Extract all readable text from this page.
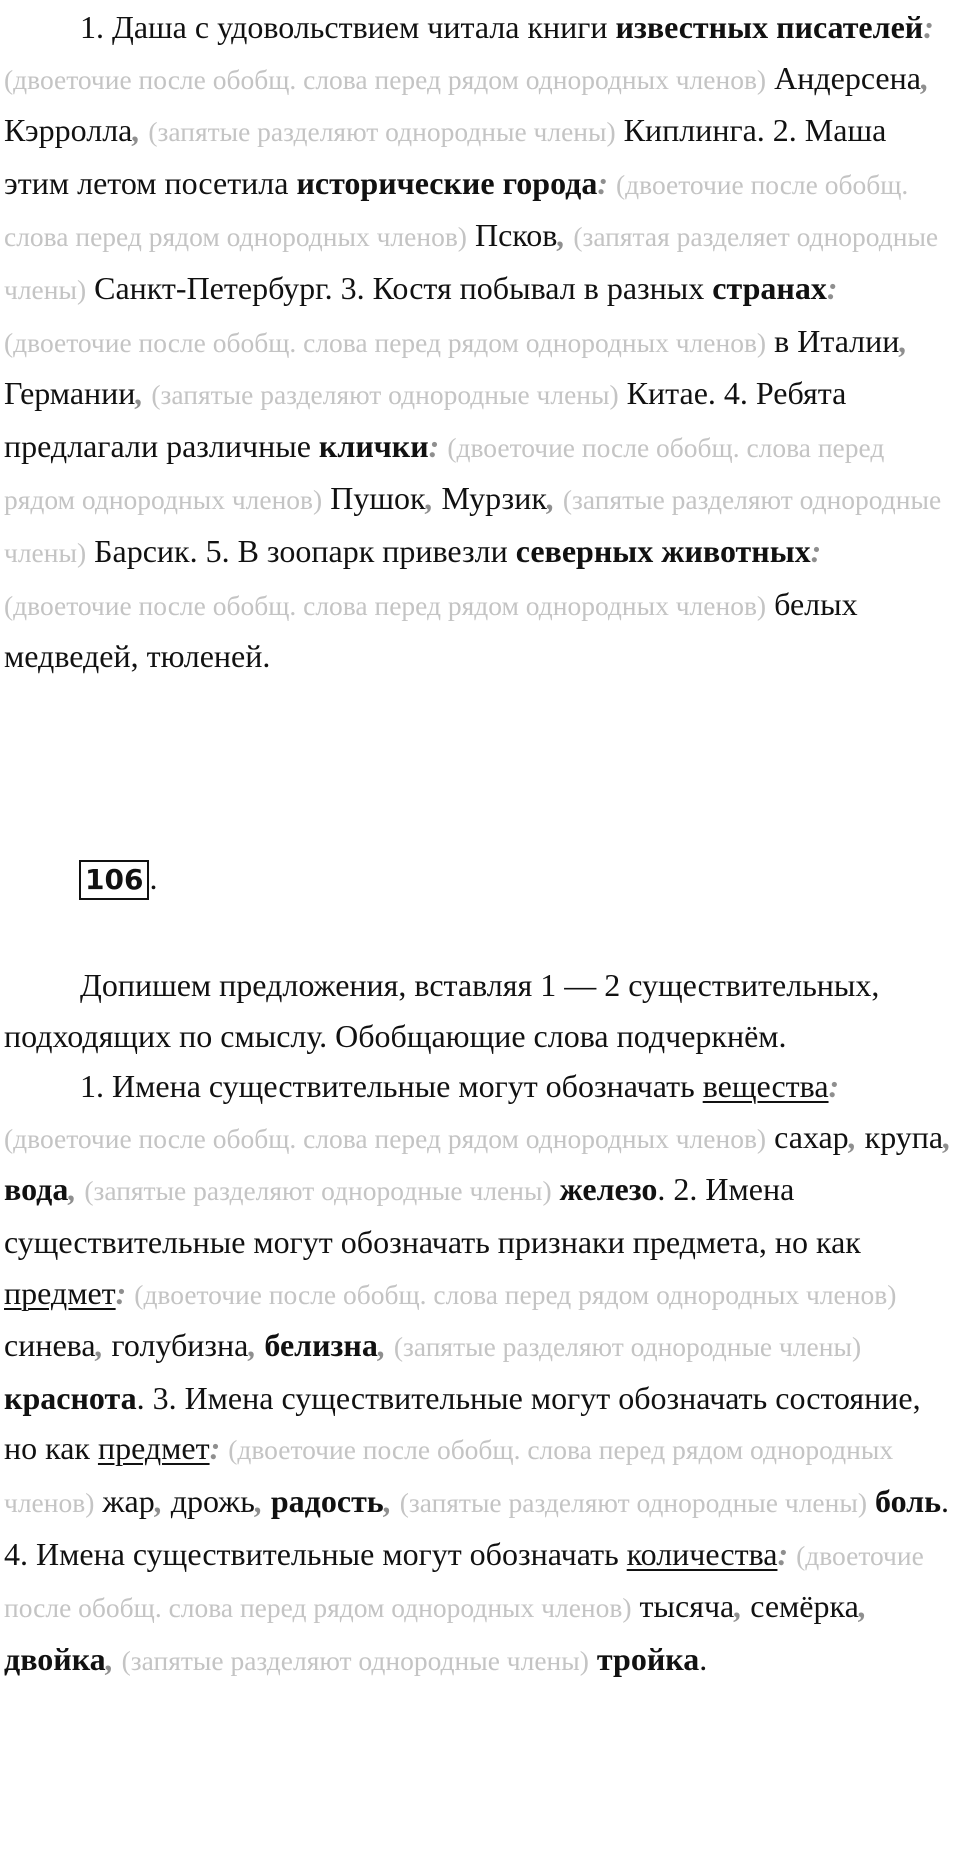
1. Даша с удовольствием читала книги известных писателей: (двоеточие после обобщ. слова перед рядом однородных членов) Андерсена, Кэрролла, (запятые разделяют однородные члены) Киплинга. 2. Маша этим летом посетила исторические города: (двоеточие после обобщ. слова перед рядом однородных членов) Псков, (запятая разделяет однородные члены) Санкт-Петербург. 3. Костя побывал в разных странах: (двоеточие после обобщ. слова перед рядом однородных членов) в Италии, Германии, (запятые разделяют однородные члены) Китае. 4. Ребята предлагали различные клички: (двоеточие после обобщ. слова перед рядом однородных членов) Пушок, Мурзик, (запятые разделяют однородные члены) Барсик. 5. В зоопарк привезли северных животных: (двоеточие после обобщ. слова перед рядом однородных членов) белых медведей, тюленей.

106 .

Допишем предложения, вставляя 1 — 2 существительных, подходящих по смыслу. Обобщающие слова подчеркнём.

1. Имена существительные могут обозначать вещества: (двоеточие после обобщ. слова перед рядом однородных членов) сахар, крупа, вода, (запятые разделяют однородные члены) железо. 2. Имена существительные могут обозначать признаки предмета, но как предмет: (двоеточие после обобщ. слова перед рядом однородных членов) синева, голубизна, белизна, (запятые разделяют однородные члены) краснота. 3. Имена существительные могут обозначать состояние, но как предмет: (двоеточие после обобщ. слова перед рядом однородных членов) жар, дрожь, радость, (запятые разделяют однородные члены) боль. 4. Имена существительные могут обозначать количества: (двоеточие после обобщ. слова перед рядом однородных членов) тысяча, семёрка, двойка, (запятые разделяют однородные члены) тройка.
